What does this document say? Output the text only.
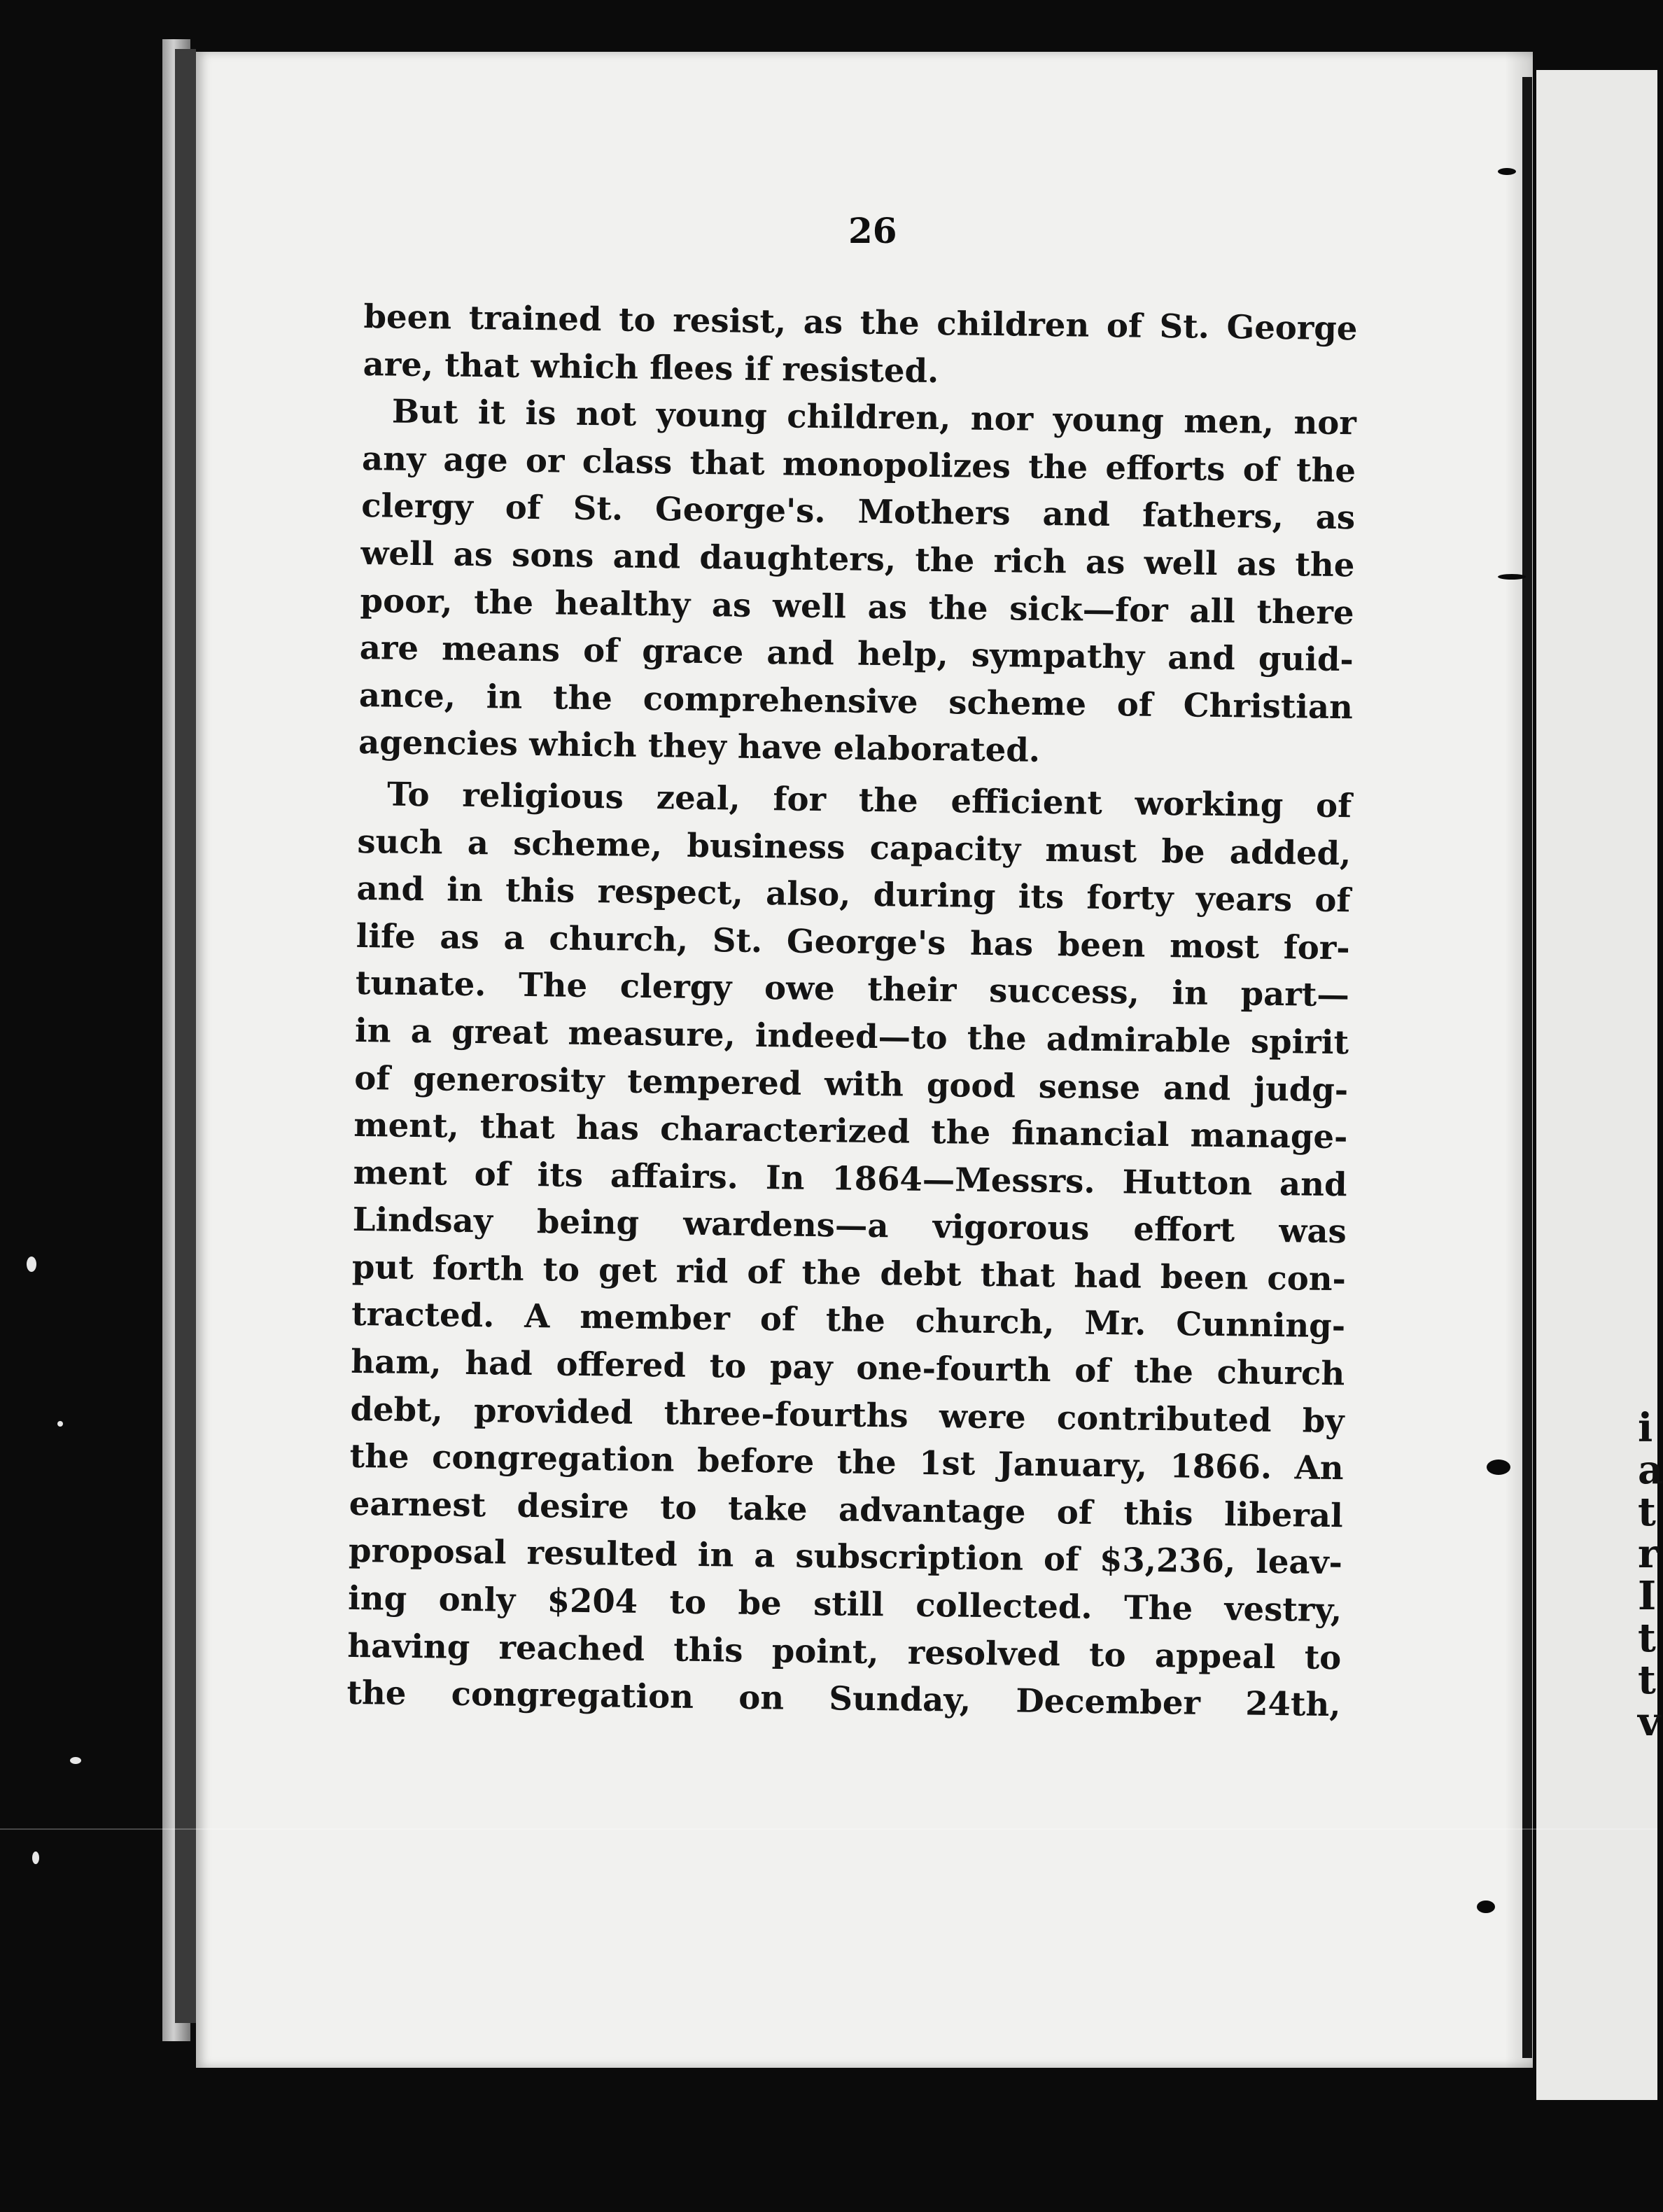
i
a
t
r
I
t
t
v
26
been trained to resist, as the children of St. George
are, that which flees if resisted.
But it is not young children, nor young men, nor
any age or class that monopolizes the efforts of the
clergy of St. George's. Mothers and fathers, as
well as sons and daughters, the rich as well as the
poor, the healthy as well as the sick—for all there
are means of grace and help, sympathy and guid-
ance, in the comprehensive scheme of Christian
agencies which they have elaborated.
To religious zeal, for the efficient working of
such a scheme, business capacity must be added,
and in this respect, also, during its forty years of
life as a church, St. George's has been most for-
tunate. The clergy owe their success, in part—
in a great measure, indeed—to the admirable spirit
of generosity tempered with good sense and judg-
ment, that has characterized the financial manage-
ment of its affairs. In 1864—Messrs. Hutton and
Lindsay being wardens—a vigorous effort was
put forth to get rid of the debt that had been con-
tracted. A member of the church, Mr. Cunning-
ham, had offered to pay one-fourth of the church
debt, provided three-fourths were contributed by
the congregation before the 1st January, 1866. An
earnest desire to take advantage of this liberal
proposal resulted in a subscription of $3,236, leav-
ing only $204 to be still collected. The vestry,
having reached this point, resolved to appeal to
the congregation on Sunday, December 24th,
